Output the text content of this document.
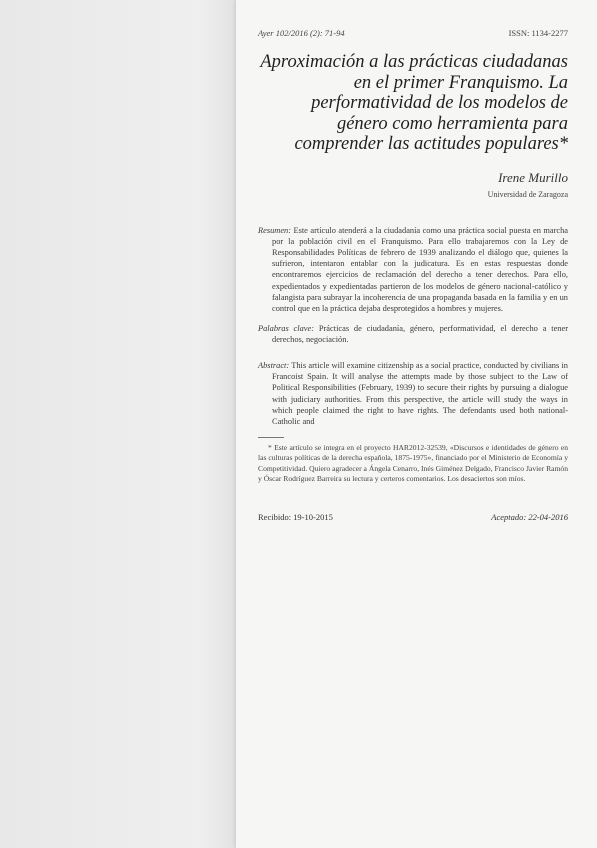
Ayer 102/2016 (2): 71-94	ISSN: 1134-2277
Aproximación a las prácticas ciudadanas en el primer Franquismo. La performatividad de los modelos de género como herramienta para comprender las actitudes populares*
Irene Murillo
Universidad de Zaragoza

Resumen: Este artículo atenderá a la ciudadanía como una práctica social puesta en marcha por la población civil en el Franquismo. Para ello trabajaremos con la Ley de Responsabilidades Políticas de febrero de 1939 analizando el diálogo que, quienes la sufrieron, intentaron entablar con la judicatura. Es en estas respuestas donde encontraremos ejercicios de reclamación del derecho a tener derechos. Para ello, expedientados y expedientadas partieron de los modelos de género nacional-católico y falangista para subrayar la incoherencia de una propaganda basada en la familia y en un control que en la práctica dejaba desprotegidos a hombres y mujeres.

Palabras clave: Prácticas de ciudadanía, género, performatividad, el derecho a tener derechos, negociación.

Abstract: This article will examine citizenship as a social practice, conducted by civilians in Francoist Spain. It will analyse the attempts made by those subject to the Law of Political Responsibilities (February, 1939) to secure their rights by pursuing a dialogue with judiciary authorities. From this perspective, the article will study the ways in which people claimed the right to have rights. The defendants used both national-Catholic and

* Este artículo se integra en el proyecto HAR2012-32539, «Discursos e identidades de género en las culturas políticas de la derecha española, 1875-1975», financiado por el Ministerio de Economía y Competitividad. Quiero agradecer a Ángela Cenarro, Inés Giménez Delgado, Francisco Javier Ramón y Óscar Rodríguez Barreira su lectura y certeros comentarios. Los desaciertos son míos.

Recibido: 19-10-2015	Aceptado: 22-04-2016
